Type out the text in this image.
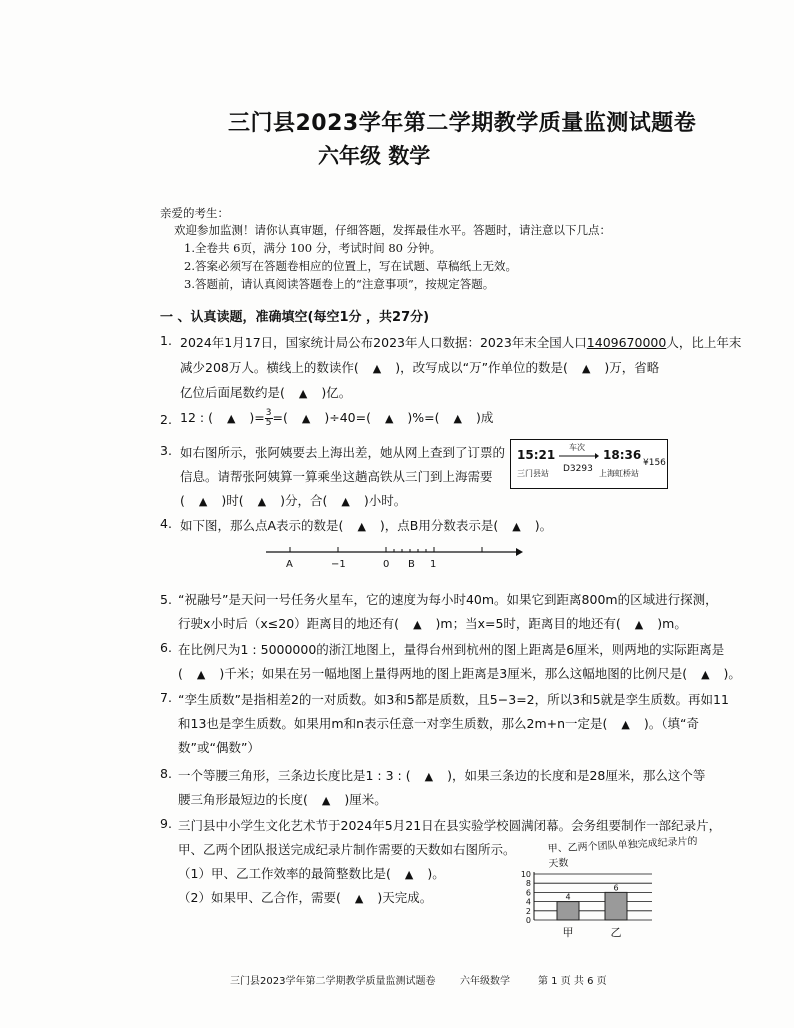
三门县2023学年第二学期教学质量监测试题卷
六年级 数学
亲爱的考生：
欢迎参加监测！请你认真审题，仔细答题，发挥最佳水平。答题时，请注意以下几点：
1.全卷共 6页，满分 100 分，考试时间 80 分钟。
2.答案必须写在答题卷相应的位置上，写在试题、草稿纸上无效。
3.答题前，请认真阅读答题卷上的“注意事项”，按规定答题。
一 、认真读题，准确填空(每空1分 ，共27分)
1. 2024年1月17日，国家统计局公布2023年人口数据：2023年末全国人口1409670000人，比上年末
减少208万人。横线上的数读作( ▲ )，改写成以“万”作单位的数是( ▲ )万，省略
亿位后面尾数约是( ▲ )亿。
2. 12 : ( ▲ )= $\frac{3}{5}$ =( ▲ )÷40=( ▲ )%=( ▲ )成
3. 如右图所示，张阿姨要去上海出差，她从网上查到了订票的
信息。请帮张阿姨算一算乘坐这趟高铁从三门到上海需要
( ▲ )时( ▲ )分，合( ▲ )小时。
15:21
三门县站
车次
D3293
18:36
上海虹桥站
¥156
4. 如下图，那么点A表示的数是( ▲ )，点B用分数表示是( ▲ )。
A	−1	0 B 1
5. “祝融号”是天问一号任务火星车，它的速度为每小时40m。如果它到距离800m的区域进行探测，
行驶x小时后（x≤20）距离目的地还有( ▲ )m；当x=5时，距离目的地还有( ▲ )m。
6. 在比例尺为1 : 5000000的浙江地图上，量得台州到杭州的图上距离是6厘米，则两地的实际距离是
( ▲ )千米；如果在另一幅地图上量得两地的图上距离是3厘米，那么这幅地图的比例尺是( ▲ )。
7. “孪生质数”是指相差2的一对质数。如3和5都是质数，且5−3=2，所以3和5就是孪生质数。再如11
和13也是孪生质数。如果用m和n表示任意一对孪生质数，那么2m+n一定是( ▲ )。（填“奇
数”或“偶数”）
8. 一个等腰三角形，三条边长度比是1 : 3 : ( ▲ )，如果三条边的长度和是28厘米，那么这个等
腰三角形最短边的长度( ▲ )厘米。
9. 三门县中小学生文化艺术节于2024年5月21日在县实验学校圆满闭幕。会务组要制作一部纪录片，
甲、乙两个团队报送完成纪录片制作需要的天数如右图所示。
（1）甲、乙工作效率的最简整数比是( ▲ )。
（2）如果甲、乙合作，需要( ▲ )天完成。
甲、乙两个团队单独完成纪录片的天数
0
2
4
6
8
10
4
甲
6
乙
三门县2023学年第二学期教学质量监测试题卷 六年级数学	第 1 页 共 6 页
